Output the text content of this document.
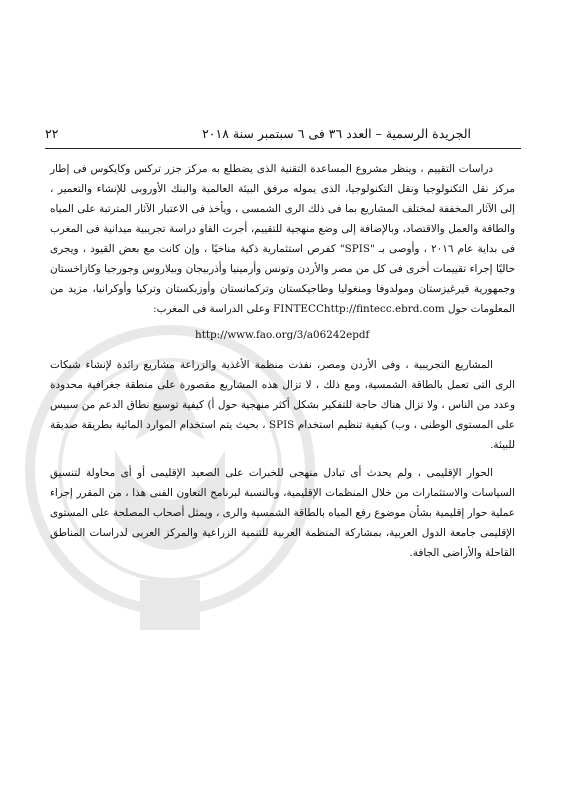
الجريدة الرسمية – العدد ٣٦ فى ٦ سبتمبر سنة ٢٠١٨
٢٢

دراسات التقييم ، وينظر مشروع المساعدة التقنية الذى يضطلع به مركز جزر تركس وكايكوس فى إطار مركز نقل التكنولوجيا ونقل التكنولوجيا، الذى يموله مرفق البيئة العالمية والبنك الأوروبى للإنشاء والتعمير ، إلى الآثار المخففة لمختلف المشاريع بما فى ذلك الرى الشمسى ، ويأخذ فى الاعتبار الآثار المترتبة على المياه والطاقة والعمل والاقتصاد، وبالإضافة إلى وضع منهجية للتقييم، أجرت الفاو دراسة تجريبية ميدانية فى المغرب فى بداية عام ٢٠١٦ ، وأوصى بـ "SPIS" كفرص استثمارية ذكية مناخيًا ، وإن كانت مع بعض القيود ، ويجرى حاليًا إجراء تقييمات أخرى فى كل من مصر والأردن وتونس وأرمينيا وأذربيجان وبيلاروس وجورجيا وكازاخستان وجمهورية قيرغيزستان ومولدوفا ومنغوليا وطاجيكستان وتركمانستان وأوزبكستان وتركيا وأوكرانيا، مزيد من المعلومات حول FINTECChttp://fintecc.ebrd.com وعلى الدراسة فى المغرب:

http://www.fao.org/3/a06242epdf

المشاريع التجريبية ، وفى الأردن ومصر، نفذت منظمة الأغذية والزراعة مشاريع رائدة لإنشاء شبكات الرى التى تعمل بالطاقة الشمسية، ومع ذلك ، لا تزال هذه المشاريع مقصورة على منطقة جغرافية محدودة وعدد من الناس ، ولا تزال هناك حاجة للتفكير بشكل أكثر منهجية حول أ) كيفية توسيع نطاق الدعم من سبيس على المستوى الوطنى ، وب) كيفية تنظيم استخدام SPIS ، بحيث يتم استخدام الموارد المائية بطريقة صديقة للبيئة.

الحوار الإقليمى ، ولم يحدث أى تبادل منهجى للخبرات على الصعيد الإقليمى أو أى محاولة لتنسيق السياسات والاستثمارات من خلال المنظمات الإقليمية، وبالنسبة لبرنامج التعاون الفنى هذا ، من المقرر إجراء عملية حوار إقليمية بشأن موضوع رفع المياه بالطاقة الشمسية والرى ، ويمثل أصحاب المصلحة على المستوى الإقليمى جامعة الدول العربية، بمشاركة المنظمة العربية للتنمية الزراعية والمركز العربى لدراسات المناطق القاحلة والأراضى الجافة.
